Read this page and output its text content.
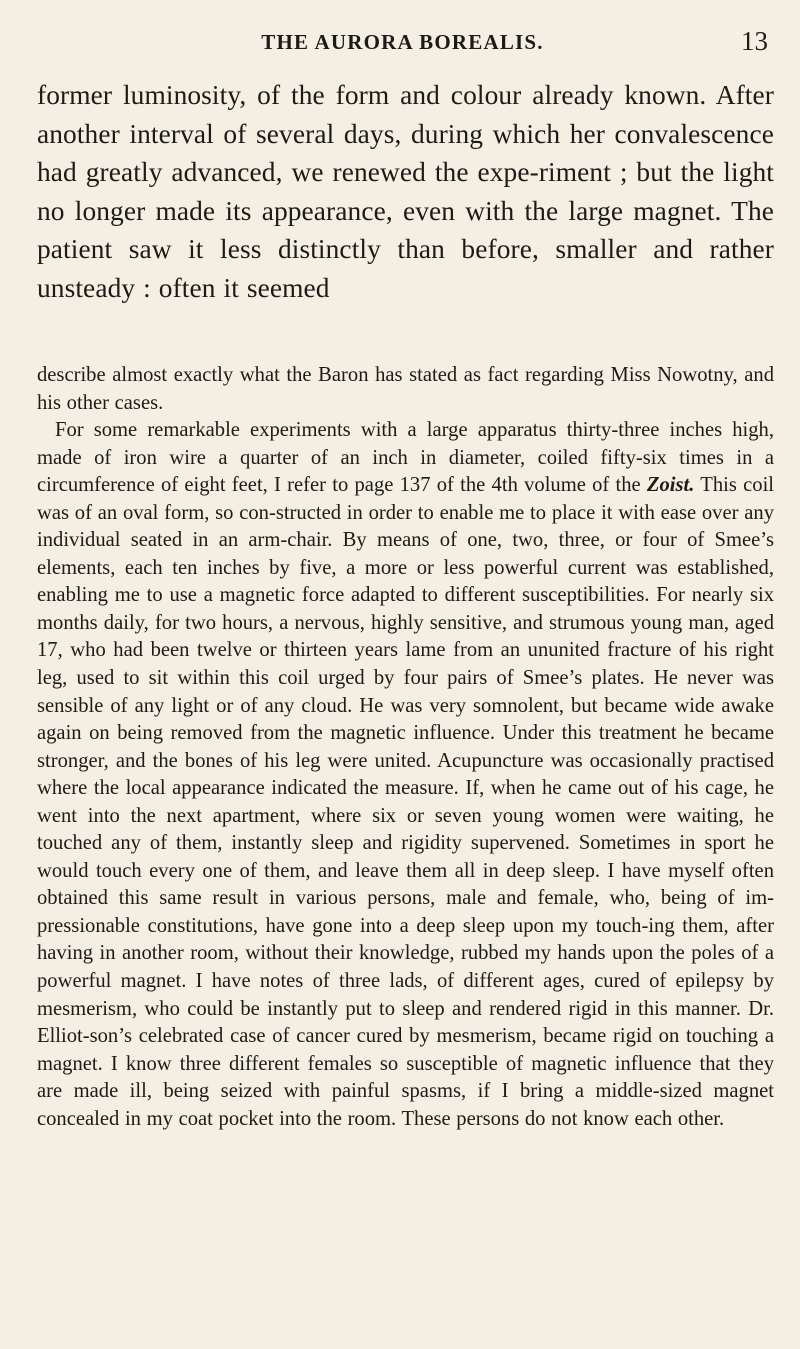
THE AURORA BOREALIS.	13

former luminosity, of the form and colour already known. After another interval of several days, during which her convalescence had greatly advanced, we renewed the expe-riment ; but the light no longer made its appearance, even with the large magnet. The patient saw it less distinctly than before, smaller and rather unsteady : often it seemed

describe almost exactly what the Baron has stated as fact regarding Miss Nowotny, and his other cases.
For some remarkable experiments with a large apparatus thirty-three inches high, made of iron wire a quarter of an inch in diameter, coiled fifty-six times in a circumference of eight feet, I refer to page 137 of the 4th volume of the Zoist. This coil was of an oval form, so con-structed in order to enable me to place it with ease over any individual seated in an arm-chair. By means of one, two, three, or four of Smee’s elements, each ten inches by five, a more or less powerful current was established, enabling me to use a magnetic force adapted to different susceptibilities. For nearly six months daily, for two hours, a nervous, highly sensitive, and strumous young man, aged 17, who had been twelve or thirteen years lame from an ununited fracture of his right leg, used to sit within this coil urged by four pairs of Smee’s plates. He never was sensible of any light or of any cloud. He was very somnolent, but became wide awake again on being removed from the magnetic influence. Under this treatment he became stronger, and the bones of his leg were united. Acupuncture was occasionally practised where the local appearance indicated the measure. If, when he came out of his cage, he went into the next apartment, where six or seven young women were waiting, he touched any of them, instantly sleep and rigidity supervened. Sometimes in sport he would touch every one of them, and leave them all in deep sleep. I have myself often obtained this same result in various persons, male and female, who, being of im-pressionable constitutions, have gone into a deep sleep upon my touch-ing them, after having in another room, without their knowledge, rubbed my hands upon the poles of a powerful magnet. I have notes of three lads, of different ages, cured of epilepsy by mesmerism, who could be instantly put to sleep and rendered rigid in this manner. Dr. Elliot-son’s celebrated case of cancer cured by mesmerism, became rigid on touching a magnet. I know three different females so susceptible of magnetic influence that they are made ill, being seized with painful spasms, if I bring a middle-sized magnet concealed in my coat pocket into the room. These persons do not know each other.
